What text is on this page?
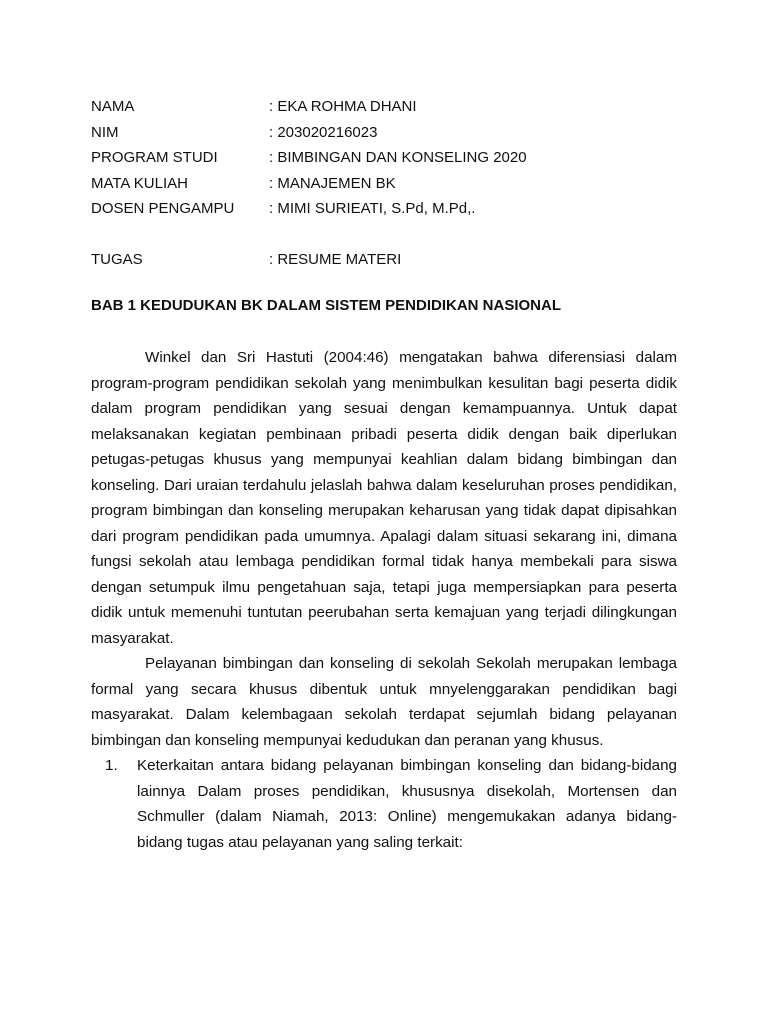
NAMA	: EKA ROHMA DHANI
NIM	: 203020216023
PROGRAM STUDI	: BIMBINGAN DAN KONSELING 2020
MATA KULIAH	: MANAJEMEN BK
DOSEN PENGAMPU	: MIMI SURIEATI, S.Pd, M.Pd,.
TUGAS	: RESUME MATERI
BAB 1 KEDUDUKAN BK DALAM SISTEM PENDIDIKAN NASIONAL

Winkel dan Sri Hastuti (2004:46) mengatakan bahwa diferensiasi dalam program-program pendidikan sekolah yang menimbulkan kesulitan bagi peserta didik dalam program pendidikan yang sesuai dengan kemampuannya. Untuk dapat melaksanakan kegiatan pembinaan pribadi peserta didik dengan baik diperlukan petugas-petugas khusus yang mempunyai keahlian dalam bidang bimbingan dan konseling. Dari uraian terdahulu jelaslah bahwa dalam keseluruhan proses pendidikan, program bimbingan dan konseling merupakan keharusan yang tidak dapat dipisahkan dari program pendidikan pada umumnya. Apalagi dalam situasi sekarang ini, dimana fungsi sekolah atau lembaga pendidikan formal tidak hanya membekali para siswa dengan setumpuk ilmu pengetahuan saja, tetapi juga mempersiapkan para peserta didik untuk memenuhi tuntutan peerubahan serta kemajuan yang terjadi dilingkungan masyarakat.

Pelayanan bimbingan dan konseling di sekolah Sekolah merupakan lembaga formal yang secara khusus dibentuk untuk mnyelenggarakan pendidikan bagi masyarakat. Dalam kelembagaan sekolah terdapat sejumlah bidang pelayanan bimbingan dan konseling mempunyai kedudukan dan peranan yang khusus.

1. Keterkaitan antara bidang pelayanan bimbingan konseling dan bidang-bidang lainnya Dalam proses pendidikan, khususnya disekolah, Mortensen dan Schmuller (dalam Niamah, 2013: Online) mengemukakan adanya bidang-bidang tugas atau pelayanan yang saling terkait:
